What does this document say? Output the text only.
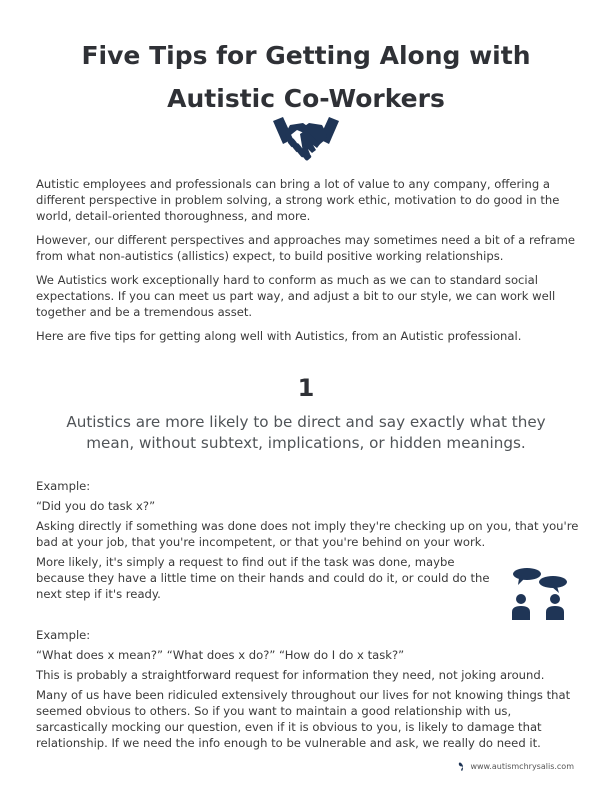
Five Tips for Getting Along with
Autistic Co-Workers

Autistic employees and professionals can bring a lot of value to any company, offering a different perspective in problem solving, a strong work ethic, motivation to do good in the world, detail-oriented thoroughness, and more.

However, our different perspectives and approaches may sometimes need a bit of a reframe from what non-autistics (allistics) expect, to build positive working relationships.

We Autistics work exceptionally hard to conform as much as we can to standard social expectations. If you can meet us part way, and adjust a bit to our style, we can work well together and be a tremendous asset.

Here are five tips for getting along well with Autistics, from an Autistic professional.

1
Autistics are more likely to be direct and say exactly what they mean, without subtext, implications, or hidden meanings.

Example:

“Did you do task x?”

Asking directly if something was done does not imply they're checking up on you, that you're bad at your job, that you're incompetent, or that you're behind on your work.

More likely, it's simply a request to find out if the task was done, maybe because they have a little time on their hands and could do it, or could do the next step if it's ready.

Example:

“What does x mean?” “What does x do?” “How do I do x task?”

This is probably a straightforward request for information they need, not joking around.

Many of us have been ridiculed extensively throughout our lives for not knowing things that seemed obvious to others. So if you want to maintain a good relationship with us, sarcastically mocking our question, even if it is obvious to you, is likely to damage that relationship. If we need the info enough to be vulnerable and ask, we really do need it.

www.autismchrysalis.com
